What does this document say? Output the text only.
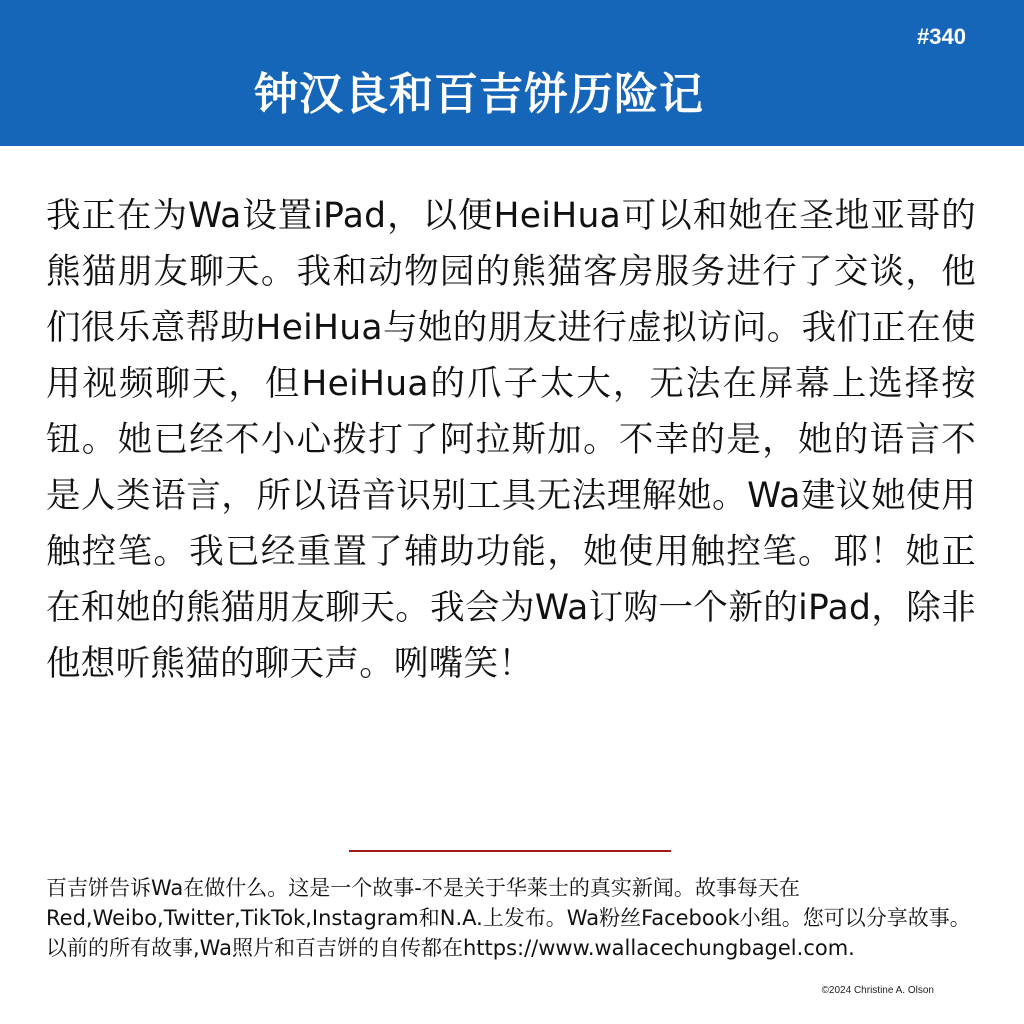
#340
钟汉良和百吉饼历险记
我正在为Wa设置iPad，以便HeiHua可以和她在圣地亚哥的熊猫朋友聊天。我和动物园的熊猫客房服务进行了交谈，他们很乐意帮助HeiHua与她的朋友进行虚拟访问。我们正在使用视频聊天，但HeiHua的爪子太大，无法在屏幕上选择按钮。她已经不小心拨打了阿拉斯加。不幸的是，她的语言不是人类语言，所以语音识别工具无法理解她。Wa建议她使用触控笔。我已经重置了辅助功能，她使用触控笔。耶！她正在和她的熊猫朋友聊天。我会为Wa订购一个新的iPad，除非他想听熊猫的聊天声。咧嘴笑！
百吉饼告诉Wa在做什么。这是一个故事-不是关于华莱士的真实新闻。故事每天在Red,Weibo,Twitter,TikTok,Instagram和N.A.上发布。Wa粉丝Facebook小组。您可以分享故事。以前的所有故事,Wa照片和百吉饼的自传都在https://www.wallacechungbagel.com.
©2024 Christine A. Olson
